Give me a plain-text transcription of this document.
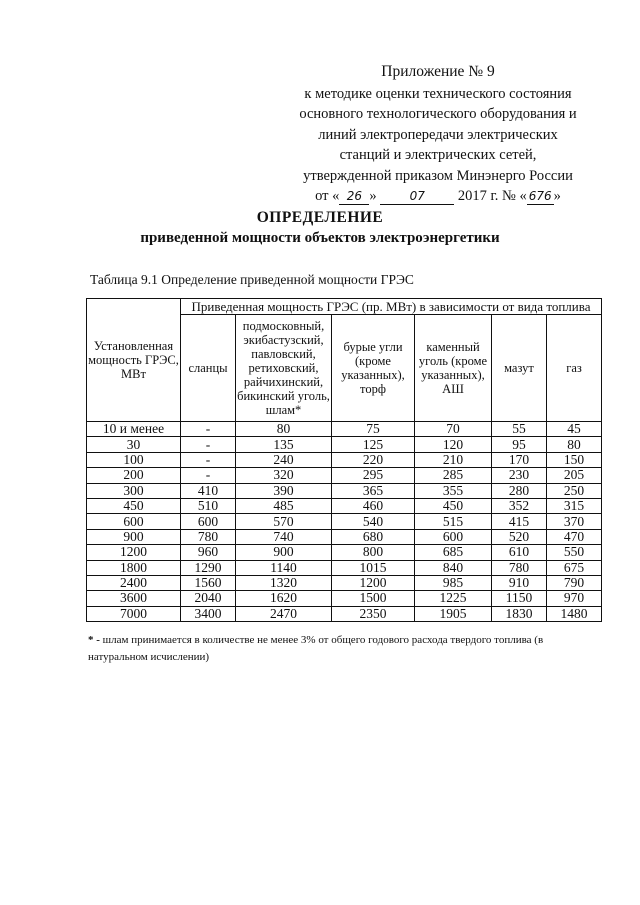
Приложение № 9
к методике оценки технического состояния
основного технологического оборудования и
линий электропередачи электрических
станций и электрических сетей,
утвержденной приказом Минэнерго России
от « 26 »	07 2017 г. № « 676 »
ОПРЕДЕЛЕНИЕ
приведенной мощности объектов электроэнергетики
Таблица 9.1 Определение приведенной мощности ГРЭС
Установленная мощность ГРЭС, МВт	Приведенная мощность ГРЭС (пр. МВт) в зависимости от вида топлива					
	сланцы	подмосковный, экибастузский, павловский, ретиховский, райчихинский, бикинский уголь, шлам*	бурые угли (кроме указанных), торф	каменный уголь (кроме указанных), АШ	мазут	газ
10 и менее	-	80	75	70	55	45
30	-	135	125	120	95	80
100	-	240	220	210	170	150
200	-	320	295	285	230	205
300	410	390	365	355	280	250
450	510	485	460	450	352	315
600	600	570	540	515	415	370
900	780	740	680	600	520	470
1200	960	900	800	685	610	550
1800	1290	1140	1015	840	780	675
2400	1560	1320	1200	985	910	790
3600	2040	1620	1500	1225	1150	970
7000	3400	2470	2350	1905	1830	1480
* - шлам принимается в количестве не менее 3% от общего годового расхода твердого топлива (в натуральном исчислении)
